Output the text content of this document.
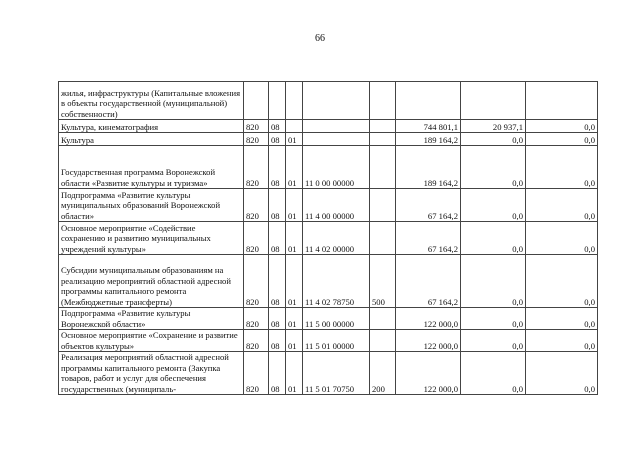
66
жилья, инфраструктуры (Капитальные вложения в объекты государственной (муниципальной) собственности)								
Культура, кинематография	820	08				744 801,1	20 937,1	0,0
Культура	820	08	01			189 164,2	0,0	0,0
Государственная программа Воронежской области «Развитие культуры и туризма»	820	08	01	11 0 00 00000		189 164,2	0,0	0,0
Подпрограмма «Развитие культуры муниципальных образований Воронежской области»	820	08	01	11 4 00 00000		67 164,2	0,0	0,0
Основное мероприятие «Содействие сохранению и развитию муниципальных учреждений культуры»	820	08	01	11 4 02 00000		67 164,2	0,0	0,0
Субсидии муниципальным образованиям на реализацию мероприятий областной адресной программы капитального ремонта (Межбюджетные трансферты)	820	08	01	11 4 02 78750	500	67 164,2	0,0	0,0
Подпрограмма «Развитие культуры Воронежской области»	820	08	01	11 5 00 00000		122 000,0	0,0	0,0
Основное мероприятие «Сохранение и развитие объектов культуры»	820	08	01	11 5 01 00000		122 000,0	0,0	0,0
Реализация мероприятий областной адресной программы капитального ремонта (Закупка товаров, работ и услуг для обеспечения государственных (муниципаль-	820	08	01	11 5 01 70750	200	122 000,0	0,0	0,0
